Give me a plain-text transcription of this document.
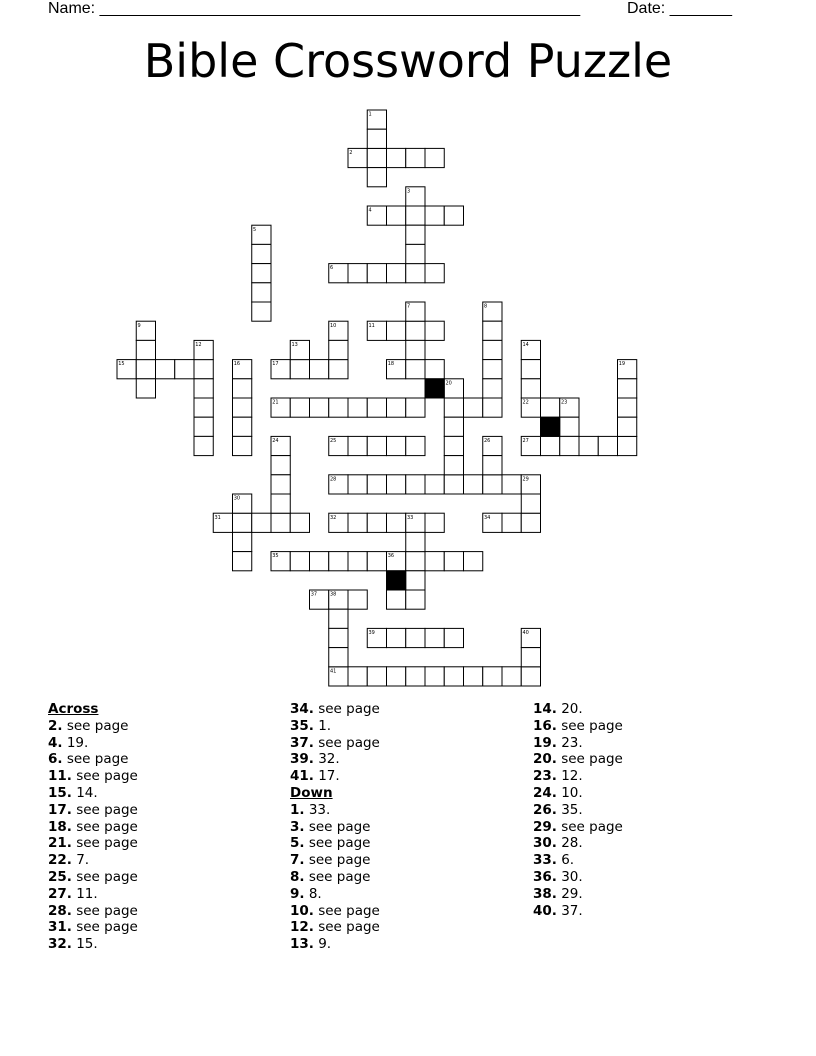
Name: ______________________________________________________	Date: _______
Bible Crossword Puzzle
2
4
6
11
15	17	18
21	22
27
25
28
31	32	34
35
37
39
41
1
3
5
7	8
9	10
12	13	14
16	19
20
23
24	26
29
30
33
36
38
40
Across
2. see page
4. 19.
6. see page
11. see page
15. 14.
17. see page
18. see page
21. see page
22. 7.
25. see page
27. 11.
28. see page
31. see page
32. 15.
34. see page
35. 1.
37. see page
39. 32.
41. 17.
Down
1. 33.
3. see page
5. see page
7. see page
8. see page
9. 8.
10. see page
12. see page
13. 9.
14. 20.
16. see page
19. 23.
20. see page
23. 12.
24. 10.
26. 35.
29. see page
30. 28.
33. 6.
36. 30.
38. 29.
40. 37.
